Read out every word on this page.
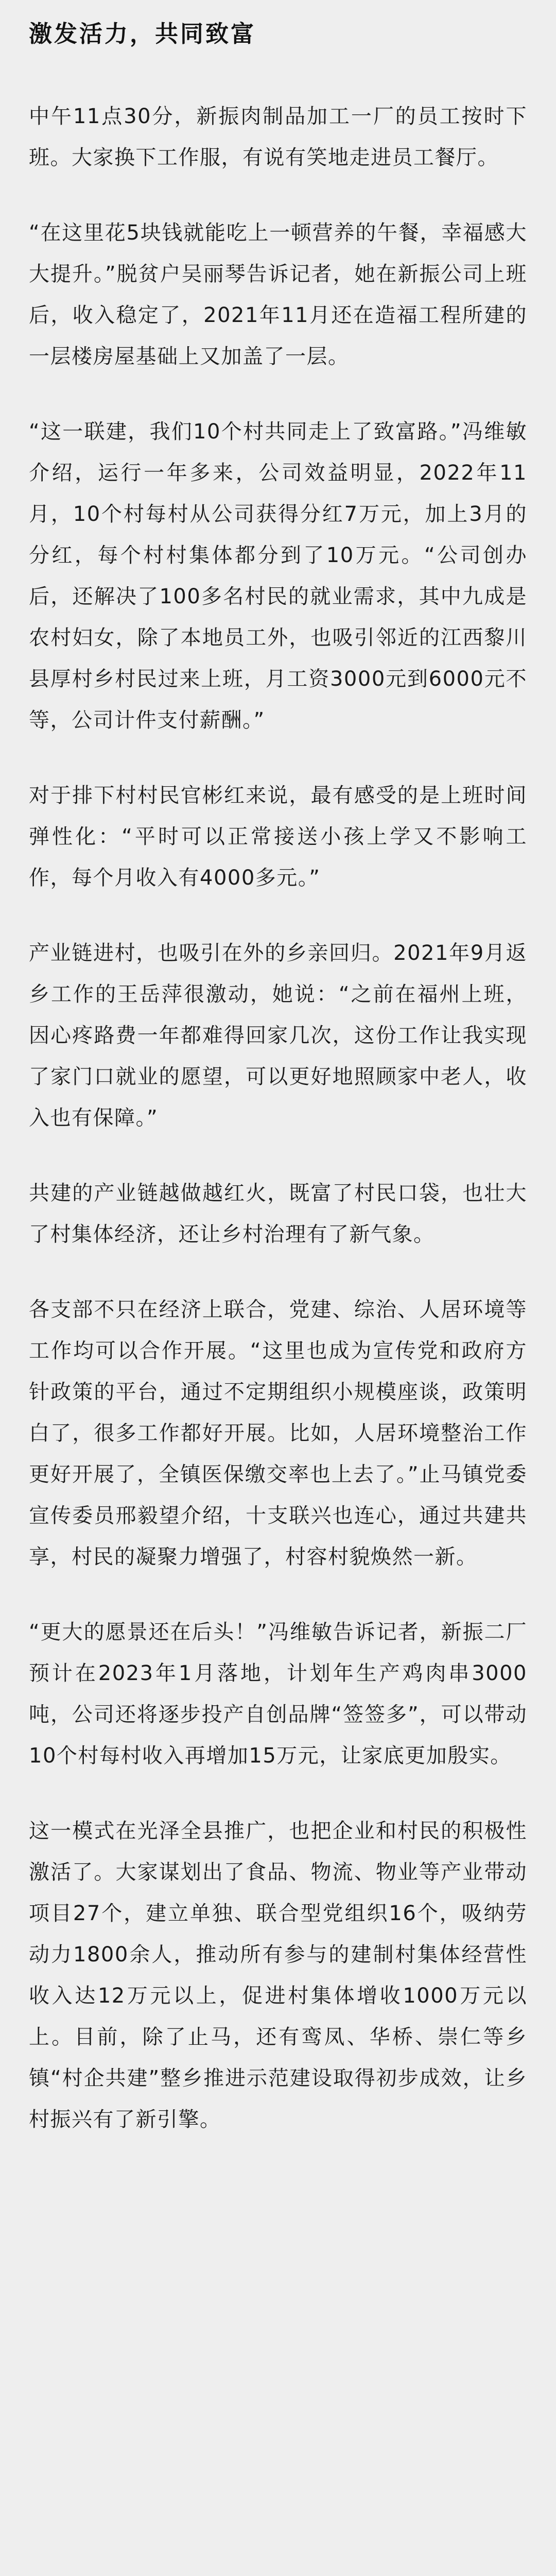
激发活力，共同致富

中午11点30分，新振肉制品加工一厂的员工按时下班。大家换下工作服，有说有笑地走进员工餐厅。

“在这里花5块钱就能吃上一顿营养的午餐，幸福感大大提升。”脱贫户吴丽琴告诉记者，她在新振公司上班后，收入稳定了，2021年11月还在造福工程所建的一层楼房屋基础上又加盖了一层。

“这一联建，我们10个村共同走上了致富路。”冯维敏介绍，运行一年多来，公司效益明显，2022年11月，10个村每村从公司获得分红7万元，加上3月的分红，每个村村集体都分到了10万元。“公司创办后，还解决了100多名村民的就业需求，其中九成是农村妇女，除了本地员工外，也吸引邻近的江西黎川县厚村乡村民过来上班，月工资3000元到6000元不等，公司计件支付薪酬。”

对于排下村村民官彬红来说，最有感受的是上班时间弹性化：“平时可以正常接送小孩上学又不影响工作，每个月收入有4000多元。”

产业链进村，也吸引在外的乡亲回归。2021年9月返乡工作的王岳萍很激动，她说：“之前在福州上班，因心疼路费一年都难得回家几次，这份工作让我实现了家门口就业的愿望，可以更好地照顾家中老人，收入也有保障。”

共建的产业链越做越红火，既富了村民口袋，也壮大了村集体经济，还让乡村治理有了新气象。

各支部不只在经济上联合，党建、综治、人居环境等工作均可以合作开展。“这里也成为宣传党和政府方针政策的平台，通过不定期组织小规模座谈，政策明白了，很多工作都好开展。比如，人居环境整治工作更好开展了，全镇医保缴交率也上去了。”止马镇党委宣传委员邢毅望介绍，十支联兴也连心，通过共建共享，村民的凝聚力增强了，村容村貌焕然一新。

“更大的愿景还在后头！”冯维敏告诉记者，新振二厂预计在2023年1月落地，计划年生产鸡肉串3000吨，公司还将逐步投产自创品牌“签签多”，可以带动10个村每村收入再增加15万元，让家底更加殷实。

这一模式在光泽全县推广，也把企业和村民的积极性激活了。大家谋划出了食品、物流、物业等产业带动项目27个，建立单独、联合型党组织16个，吸纳劳动力1800余人，推动所有参与的建制村集体经营性收入达12万元以上，促进村集体增收1000万元以上。目前，除了止马，还有鸾凤、华桥、崇仁等乡镇“村企共建”整乡推进示范建设取得初步成效，让乡村振兴有了新引擎。
